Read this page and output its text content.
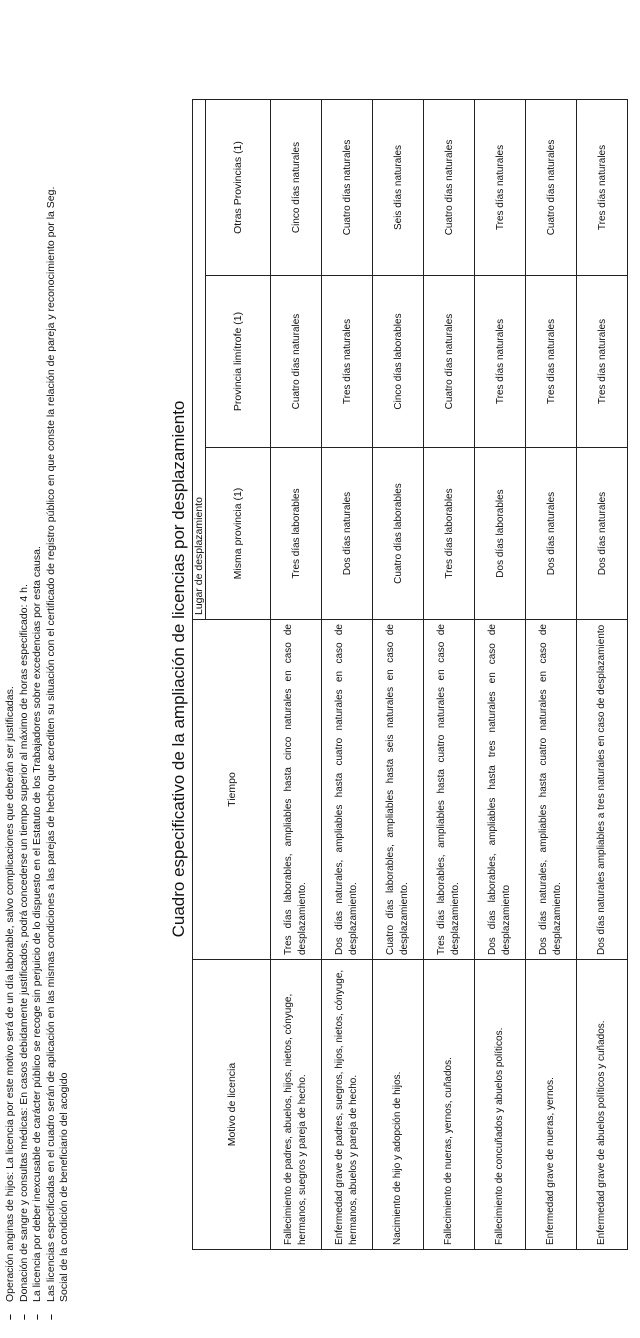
–
Operación anginas de hijos: La licencia por este motivo será de un día laborable, salvo complicaciones que deberán ser justificadas.
–
Donación de sangre y consultas médicas: En casos debidamente justificados, podrá concederse un tiempo superior al máximo de horas especificado: 4 h.
–
La licencia por deber inexcusable de carácter público se recoge sin perjuicio de lo dispuesto en el Estatuto de los Trabajadores sobre excedencias por esta causa.
–
Las licencias especificadas en el cuadro serán de aplicación en las mismas condiciones a las parejas de hecho que acrediten su situación con el certificado de registro público en que conste la relación de pareja y reconocimiento por la Seg. Social de la condición de beneficiario del acogido
Cuadro especificativo de la ampliación de licencias por desplazamiento
Motivo de licencia	Tiempo	Lugar de desplazamiento		
		Misma provincia (1)	Provincia limítrofe (1)	Otras Provincias (1)
Fallecimiento de padres, abuelos, hijos, nietos, cónyuge, hermanos, suegros y pareja de hecho.	Tres días laborables, ampliables hasta cinco naturales en caso de desplazamiento.	Tres días laborables	Cuatro días naturales	Cinco días naturales
Enfermedad grave de padres, suegros, hijos, nietos, cónyuge, hermanos, abuelos y pareja de hecho.	Dos días naturales, ampliables hasta cuatro naturales en caso de desplazamiento.	Dos días naturales	Tres días naturales	Cuatro días naturales
Nacimiento de hijo y adopción de hijos.	Cuatro días laborables, ampliables hasta seis naturales en caso de desplazamiento.	Cuatro días laborables	Cinco días laborables	Seis días naturales
Fallecimiento de nueras, yernos, cuñados.	Tres días laborables, ampliables hasta cuatro naturales en caso de desplazamiento.	Tres días laborables	Cuatro días naturales	Cuatro días naturales
Fallecimiento de concuñados y abuelos políticos.	Dos días laborables, ampliables hasta tres naturales en caso de desplazamiento	Dos días laborables	Tres días naturales	Tres días naturales
Enfermedad grave de nueras, yernos.	Dos días naturales, ampliables hasta cuatro naturales en caso de desplazamiento.	Dos días naturales	Tres días naturales	Cuatro días naturales
Enfermedad grave de abuelos políticos y cuñados.	Dos días naturales ampliables a tres naturales en caso de desplazamiento	Dos días naturales	Tres días naturales	Tres días naturales
